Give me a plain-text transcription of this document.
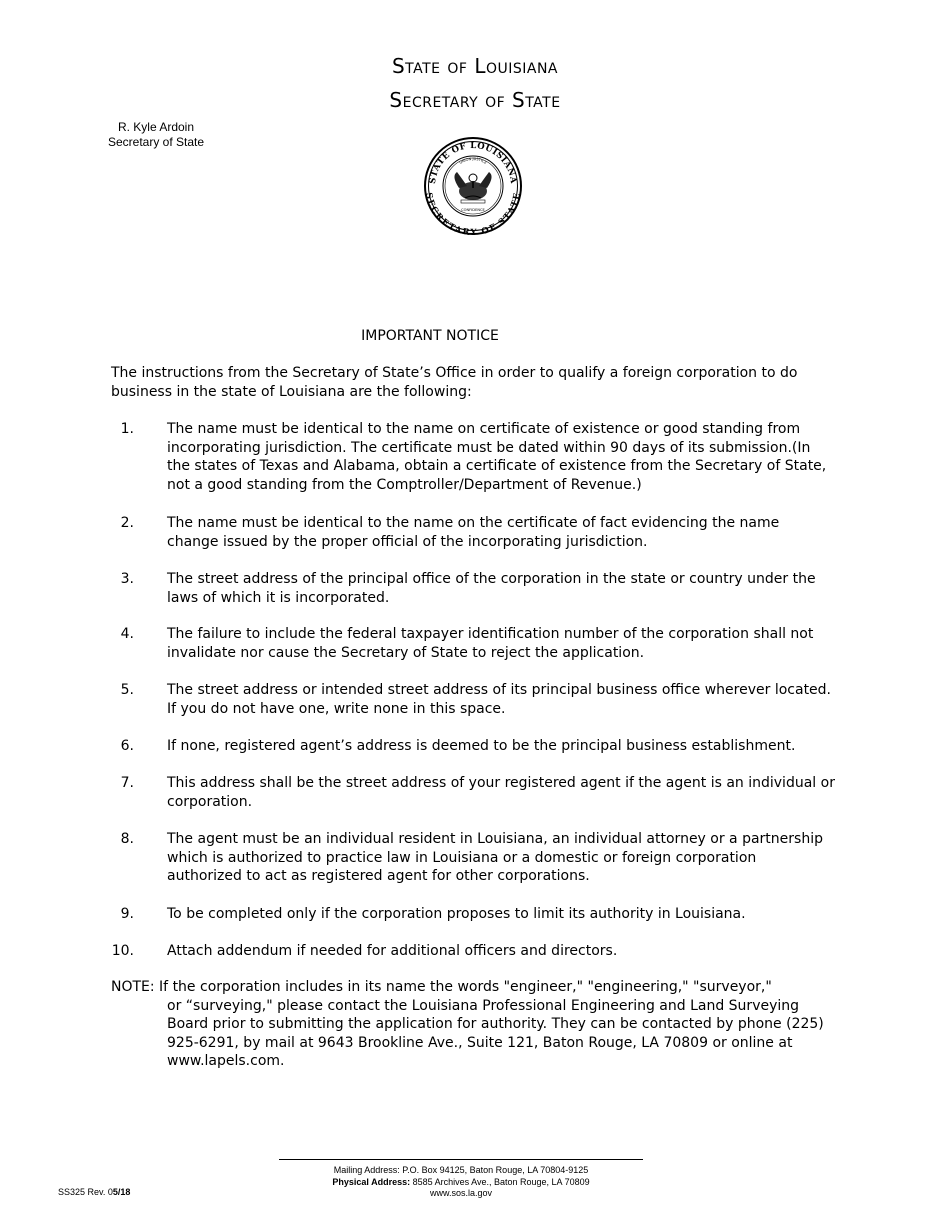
State of Louisiana
Secretary of State
R. Kyle Ardoin
Secretary of State
STATE OF LOUISIANA
SECRETARY OF STATE
UNION JUSTICE
CONFIDENCE
IMPORTANT NOTICE
The instructions from the Secretary of State’s Office in order to qualify a foreign corporation to do business in the state of Louisiana are the following:
1. The name must be identical to the name on certificate of existence or good standing from incorporating jurisdiction. The certificate must be dated within 90 days of its submission.(In the states of Texas and Alabama, obtain a certificate of existence from the Secretary of State, not a good standing from the Comptroller/Department of Revenue.)
2. The name must be identical to the name on the certificate of fact evidencing the name change issued by the proper official of the incorporating jurisdiction.
3. The street address of the principal office of the corporation in the state or country under the laws of which it is incorporated.
4. The failure to include the federal taxpayer identification number of the corporation shall not invalidate nor cause the Secretary of State to reject the application.
5. The street address or intended street address of its principal business office wherever located. If you do not have one, write none in this space.
6. If none, registered agent’s address is deemed to be the principal business establishment.
7. This address shall be the street address of your registered agent if the agent is an individual or corporation.
8. The agent must be an individual resident in Louisiana, an individual attorney or a partnership which is authorized to practice law in Louisiana or a domestic or foreign corporation authorized to act as registered agent for other corporations.
9. To be completed only if the corporation proposes to limit its authority in Louisiana.
10. Attach addendum if needed for additional officers and directors.
NOTE: If the corporation includes in its name the words "engineer," "engineering," "surveyor,"
or “surveying," please contact the Louisiana Professional Engineering and Land Surveying Board prior to submitting the application for authority. They can be contacted by phone (225) 925-6291, by mail at 9643 Brookline Ave., Suite 121, Baton Rouge, LA 70809 or online at www.lapels.com.
Mailing Address: P.O. Box 94125, Baton Rouge, LA 70804-9125
Physical Address: 8585 Archives Ave., Baton Rouge, LA 70809
www.sos.la.gov
SS325 Rev. 05/18
